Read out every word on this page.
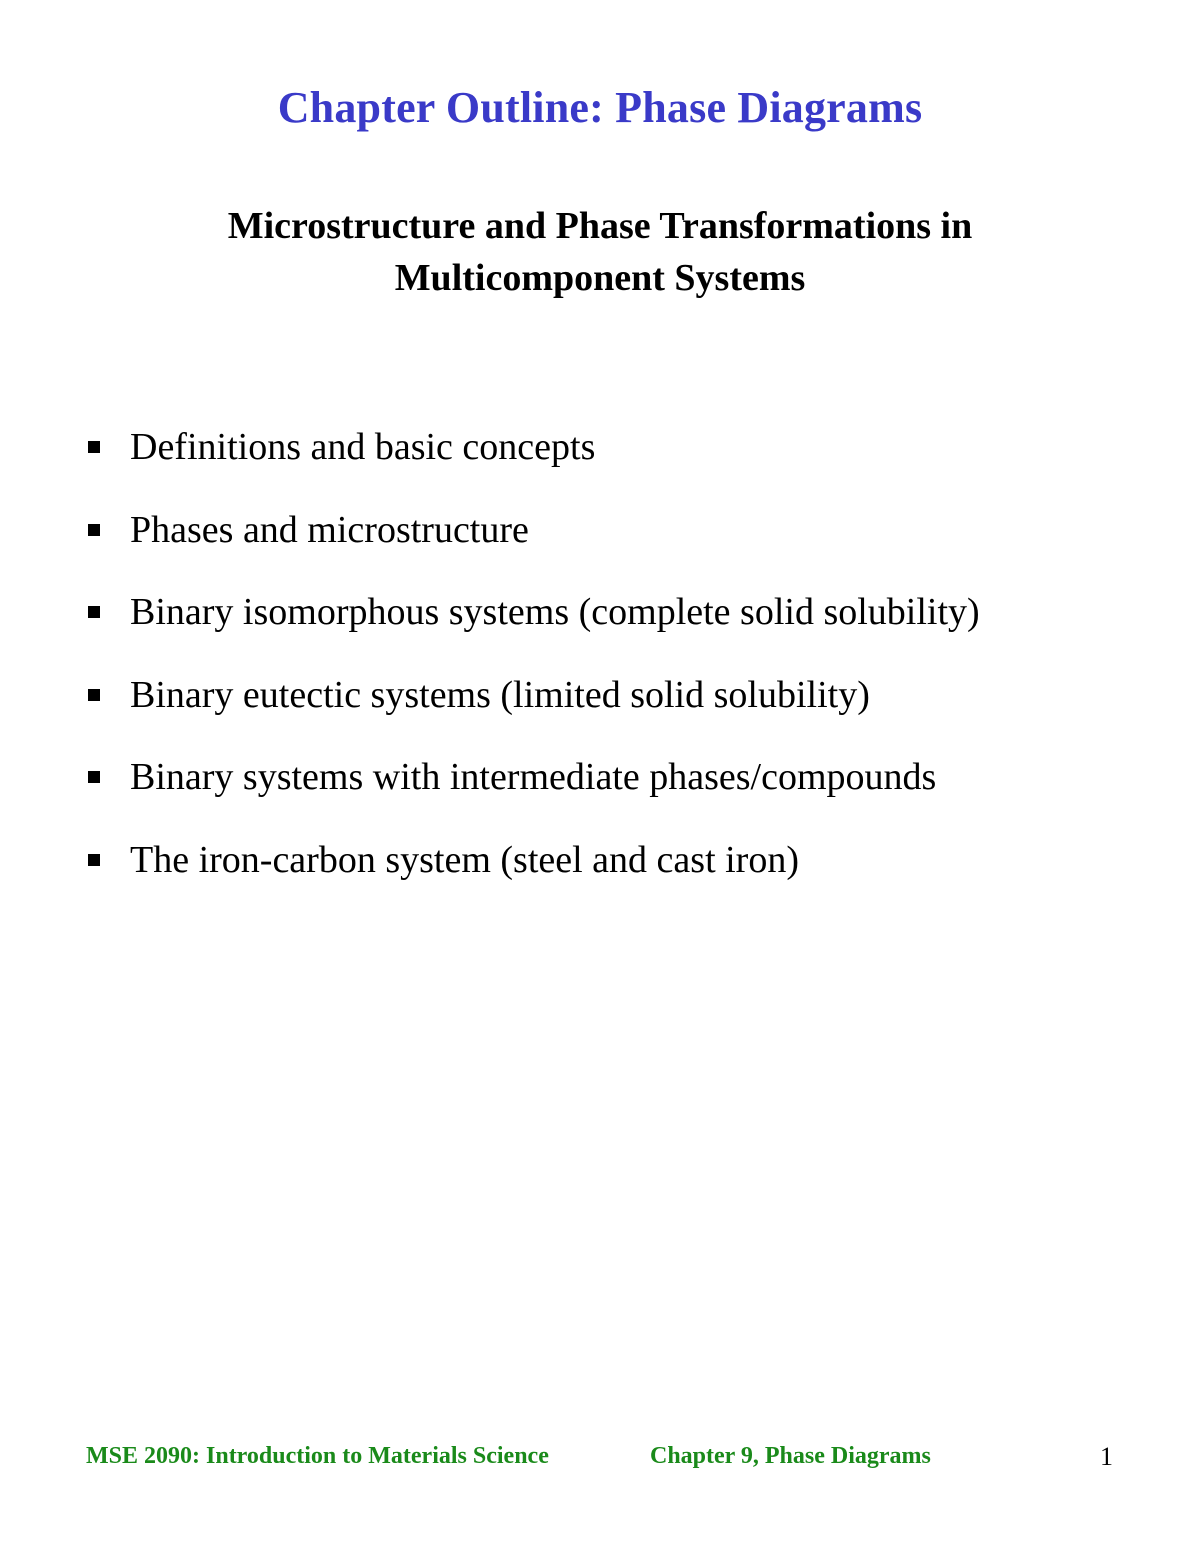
Chapter Outline: Phase Diagrams
Microstructure and Phase Transformations in
Multicomponent Systems
Definitions and basic concepts
Phases and microstructure
Binary isomorphous systems (complete solid solubility)
Binary eutectic systems (limited solid solubility)
Binary systems with intermediate phases/compounds
The iron-carbon system (steel and cast iron)
MSE 2090: Introduction to Materials Science	Chapter 9, Phase Diagrams	1
